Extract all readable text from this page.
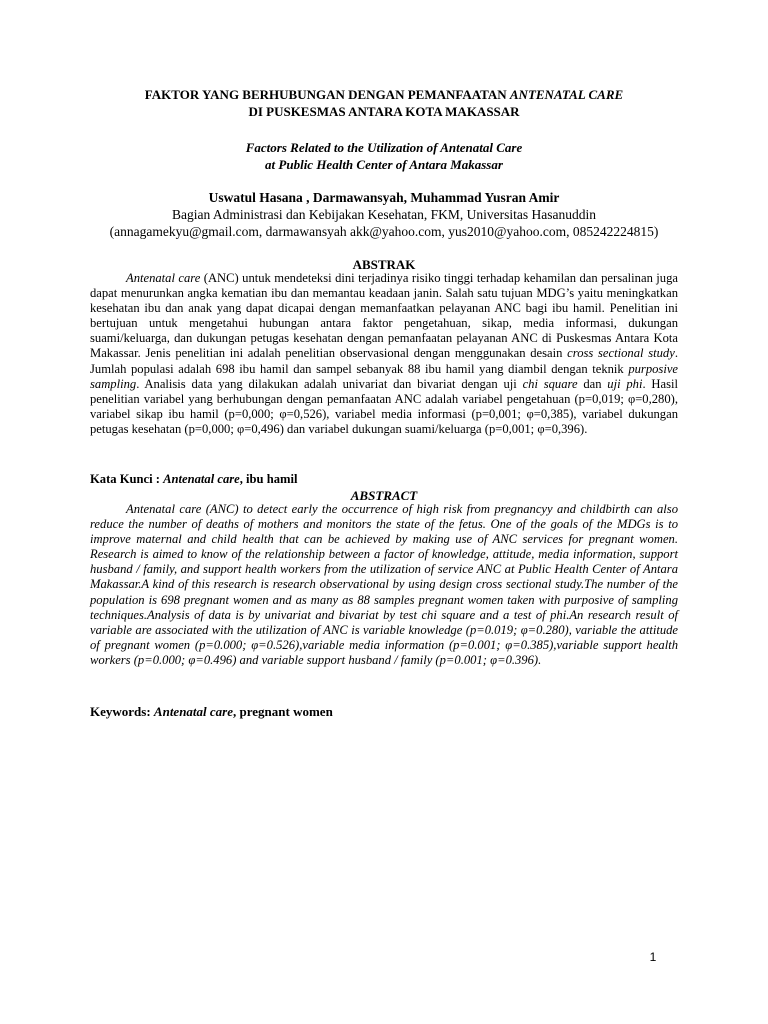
FAKTOR YANG BERHUBUNGAN DENGAN PEMANFAATAN ANTENATAL CARE
DI PUSKESMAS ANTARA KOTA MAKASSAR
Factors Related to the Utilization of Antenatal Care
at Public Health Center of Antara Makassar
Uswatul Hasana , Darmawansyah, Muhammad Yusran Amir
Bagian Administrasi dan Kebijakan Kesehatan, FKM, Universitas Hasanuddin
(annagamekyu@gmail.com, darmawansyah akk@yahoo.com, yus2010@yahoo.com, 085242224815)
ABSTRAK

Antenatal care (ANC) untuk mendeteksi dini terjadinya risiko tinggi terhadap kehamilan dan persalinan juga dapat menurunkan angka kematian ibu dan memantau keadaan janin. Salah satu tujuan MDG’s yaitu meningkatkan kesehatan ibu dan anak yang dapat dicapai dengan memanfaatkan pelayanan ANC bagi ibu hamil. Penelitian ini bertujuan untuk mengetahui hubungan antara faktor pengetahuan, sikap, media informasi, dukungan suami/keluarga, dan dukungan petugas kesehatan dengan pemanfaatan pelayanan ANC di Puskesmas Antara Kota Makassar. Jenis penelitian ini adalah penelitian observasional dengan menggunakan desain cross sectional study. Jumlah populasi adalah 698 ibu hamil dan sampel sebanyak 88 ibu hamil yang diambil dengan teknik purposive sampling. Analisis data yang dilakukan adalah univariat dan bivariat dengan uji chi square dan uji phi. Hasil penelitian variabel yang berhubungan dengan pemanfaatan ANC adalah variabel pengetahuan (p=0,019; φ=0,280), variabel sikap ibu hamil (p=0,000; φ=0,526), variabel media informasi (p=0,001; φ=0,385), variabel dukungan petugas kesehatan (p=0,000; φ=0,496) dan variabel dukungan suami/keluarga (p=0,001; φ=0,396).

Kata Kunci : Antenatal care, ibu hamil
ABSTRACT

Antenatal care (ANC) to detect early the occurrence of high risk from pregnancyy and childbirth can also reduce the number of deaths of mothers and monitors the state of the fetus. One of the goals of the MDGs is to improve maternal and child health that can be achieved by making use of ANC services for pregnant women. Research is aimed to know of the relationship between a factor of knowledge, attitude, media information, support husband / family, and support health workers from the utilization of service ANC at Public Health Center of Antara Makassar.A kind of this research is research observational by using design cross sectional study.The number of the population is 698 pregnant women and as many as 88 samples pregnant women taken with purposive of sampling techniques.Analysis of data is by univariat and bivariat by test chi square and a test of phi.An research result of variable are associated with the utilization of ANC is variable knowledge (p=0.019; φ=0.280), variable the attitude of pregnant women (p=0.000; φ=0.526),variable media information (p=0.001; φ=0.385),variable support health workers (p=0.000; φ=0.496) and variable support husband / family (p=0.001; φ=0.396).

Keywords: Antenatal care, pregnant women
1
